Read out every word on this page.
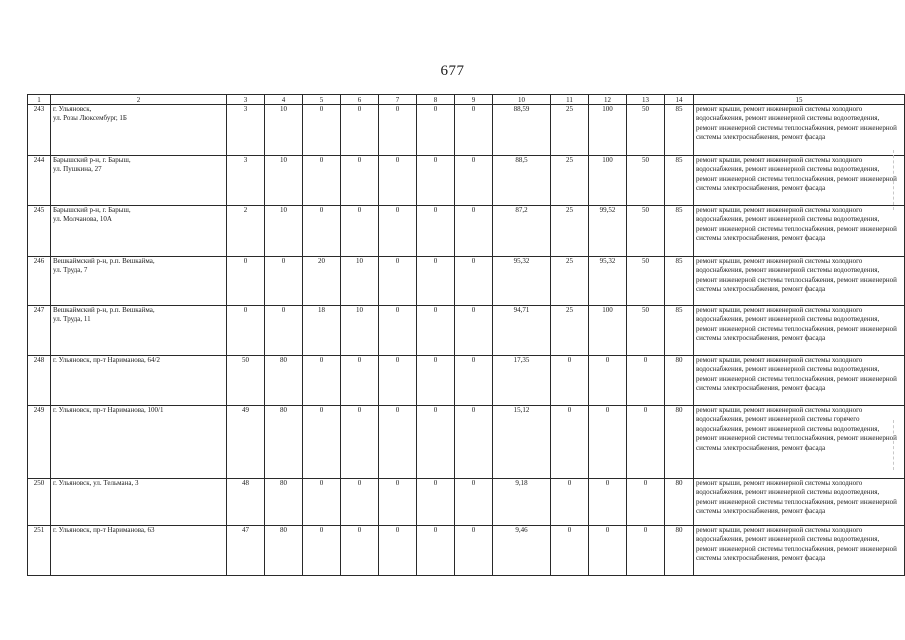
677
1	2	3	4	5	6	7	8	9	10	11	12	13	14	15
243	г. Ульяновск,
ул. Розы Люксембург, 1Б	3	10	0	0	0	0	0	88,59	25	100	50	85	ремонт крыши, ремонт инженерной системы холодного водоснабжения, ремонт инженерной системы водоотведения, ремонт инженерной системы теплоснабжения, ремонт инженерной системы электроснабжения, ремонт фасада
244	Барышский р-н, г. Барыш,
ул. Пушкина, 27	3	10	0	0	0	0	0	88,5	25	100	50	85	ремонт крыши, ремонт инженерной системы холодного водоснабжения, ремонт инженерной системы водоотведения, ремонт инженерной системы теплоснабжения, ремонт инженерной системы электроснабжения, ремонт фасада
245	Барышский р-н, г. Барыш,
ул. Молчанова, 10А	2	10	0	0	0	0	0	87,2	25	99,52	50	85	ремонт крыши, ремонт инженерной системы холодного водоснабжения, ремонт инженерной системы водоотведения, ремонт инженерной системы теплоснабжения, ремонт инженерной системы электроснабжения, ремонт фасада
246	Вешкаймский р-н, р.п. Вешкайма,
ул. Труда, 7	0	0	20	10	0	0	0	95,32	25	95,32	50	85	ремонт крыши, ремонт инженерной системы холодного водоснабжения, ремонт инженерной системы водоотведения, ремонт инженерной системы теплоснабжения, ремонт инженерной системы электроснабжения, ремонт фасада
247	Вешкаймский р-н, р.п. Вешкайма,
ул. Труда, 11	0	0	18	10	0	0	0	94,71	25	100	50	85	ремонт крыши, ремонт инженерной системы холодного водоснабжения, ремонт инженерной системы водоотведения, ремонт инженерной системы теплоснабжения, ремонт инженерной системы электроснабжения, ремонт фасада
248	г. Ульяновск, пр-т Нариманова, 64/2	50	80	0	0	0	0	0	17,35	0	0	0	80	ремонт крыши, ремонт инженерной системы холодного водоснабжения, ремонт инженерной системы водоотведения, ремонт инженерной системы теплоснабжения, ремонт инженерной системы электроснабжения, ремонт фасада
249	г. Ульяновск, пр-т Нариманова, 100/1	49	80	0	0	0	0	0	15,12	0	0	0	80	ремонт крыши, ремонт инженерной системы холодного водоснабжения, ремонт инженерной системы горячего водоснабжения, ремонт инженерной системы водоотведения, ремонт инженерной системы теплоснабжения, ремонт инженерной системы электроснабжения, ремонт фасада
250	г. Ульяновск, ул. Тельмана, 3	48	80	0	0	0	0	0	9,18	0	0	0	80	ремонт крыши, ремонт инженерной системы холодного водоснабжения, ремонт инженерной системы водоотведения, ремонт инженерной системы теплоснабжения, ремонт инженерной системы электроснабжения, ремонт фасада
251	г. Ульяновск, пр-т Нариманова, 63	47	80	0	0	0	0	0	9,46	0	0	0	80	ремонт крыши, ремонт инженерной системы холодного водоснабжения, ремонт инженерной системы водоотведения, ремонт инженерной системы теплоснабжения, ремонт инженерной системы электроснабжения, ремонт фасада
